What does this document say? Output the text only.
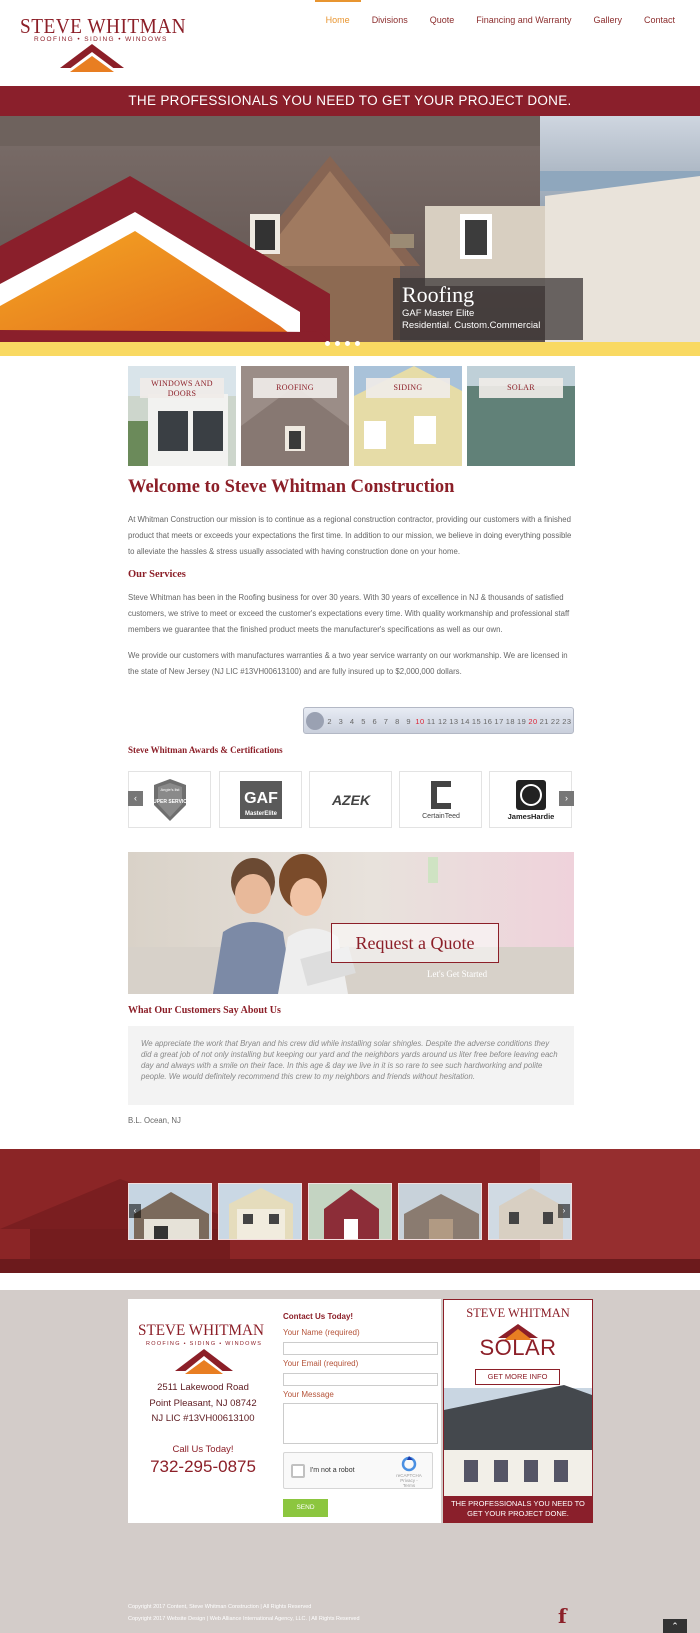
STEVE WHITMAN
ROOFING • SIDING • WINDOWS
Home	Divisions	Quote	Financing and Warranty	Gallery	Contact
THE PROFESSIONALS YOU NEED TO GET YOUR PROJECT DONE.
Roofing
GAF Master Elite
Residential. Custom.Commercial
WINDOWS AND DOORS
ROOFING	SIDING	SOLAR
Welcome to Steve Whitman Construction

At Whitman Construction our mission is to continue as a regional construction contractor, providing our customers with a finished product that meets or exceeds your expectations the first time. In addition to our mission, we believe in doing everything possible to alleviate the hassles & stress usually associated with having construction done on your home.

Our Services

Steve Whitman has been in the Roofing business for over 30 years. With 30 years of excellence in NJ & thousands of satisfied customers, we strive to meet or exceed the customer's expectations every time. With quality workmanship and professional staff members we guarantee that the finished product meets the manufacturer's specifications as well as our own.

We provide our customers with manufactures warranties & a two year service warranty on our workmanship. We are licensed in the state of New Jersey (NJ LIC #13VH00613100) and are fully insured up to $2,000,000 dollars.

2 3 4 5 6 7 8 9 10 11 12 13 14 15 16 17 18 19 20 21 22 23
Steve Whitman Awards & Certifications
Angie's list
SUPER SERVICE	GAF
MasterElite
AZEK
CertainTeed	JamesHardie
‹	›
Request a Quote
Let's Get Started
What Our Customers Say About Us
We appreciate the work that Bryan and his crew did while installing solar shingles. Despite the adverse conditions they did a great job of not only installing but keeping our yard and the neighbors yards around us liter free before leaving each day and always with a smile on their face. In this age & day we live in it is so rare to see such hardworking and polite people. We would definitely recommend this crew to my neighbors and friends without hesitation.
B.L. Ocean, NJ
‹	›
STEVE WHITMAN
ROOFING • SIDING • WINDOWS
2511 Lakewood Road
Point Pleasant, NJ 08742
NJ LIC #13VH00613100
Call Us Today!
732-295-0875
Contact Us Today!
Your Name (required)
Your Email (required)
Your Message
I'm not a robot
reCAPTCHA
Privacy - Terms
SEND
STEVE WHITMAN
SOLAR
GET MORE INFO
THE PROFESSIONALS YOU NEED TO GET YOUR PROJECT DONE.
Copyright 2017 Content, Steve Whitman Construction | All Rights Reserved
Copyright 2017 Website Design | Web Alliance International Agency, LLC. | All Rights Reserved	f	⌃
